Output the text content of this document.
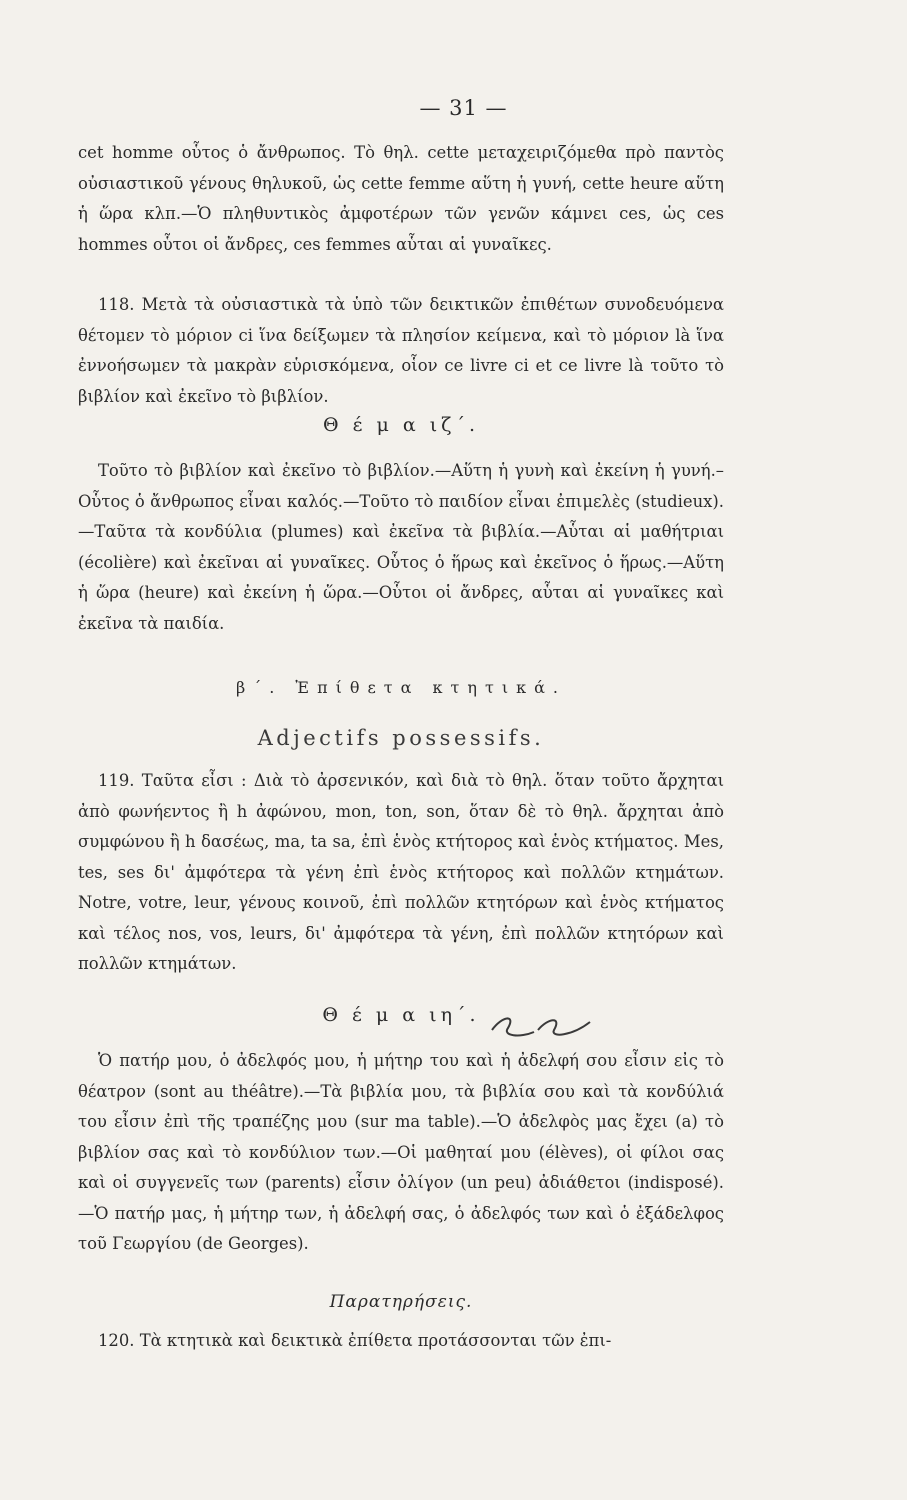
— 31 —

cet homme οὗτος ὁ ἄνθρωπος. Τὸ θηλ. cette μεταχειριζόμεθα πρὸ παντὸς οὐσιαστικοῦ γένους θηλυκοῦ, ὡς cette femme αὕτη ἡ γυνή, cette heure αὕτη ἡ ὥρα κλπ.—Ὁ πληθυντικὸς ἀμφοτέρων τῶν γενῶν κάμνει ces, ὡς ces hommes οὗτοι οἱ ἄνδρες, ces femmes αὗται αἱ γυναῖκες.

118. Μετὰ τὰ οὐσιαστικὰ τὰ ὑπὸ τῶν δεικτικῶν ἐπιθέτων συνοδευόμενα θέτομεν τὸ μόριον ci ἵνα δείξωμεν τὰ πλησίον κείμενα, καὶ τὸ μόριον là ἵνα ἐννοήσωμεν τὰ μακρὰν εὑρισκόμενα, οἷον ce livre ci et ce livre là τοῦτο τὸ βιβλίον καὶ ἐκεῖνο τὸ βιβλίον.

Θ έ μ α ιζ΄.

Τοῦτο τὸ βιβλίον καὶ ἐκεῖνο τὸ βιβλίον.—Αὕτη ἡ γυνὴ καὶ ἐκείνη ἡ γυνή.– Οὗτος ὁ ἄνθρωπος εἶναι καλός.—Τοῦτο τὸ παιδίον εἶναι ἐπιμελὲς (studieux).—Ταῦτα τὰ κονδύλια (plumes) καὶ ἐκεῖνα τὰ βιβλία.—Αὗται αἱ μαθήτριαι (écolière) καὶ ἐκεῖναι αἱ γυναῖκες. Οὗτος ὁ ἥρως καὶ ἐκεῖνος ὁ ἥρως.—Αὕτη ἡ ὥρα (heure) καὶ ἐκείνη ἡ ὥρα.—Οὗτοι οἱ ἄνδρες, αὗται αἱ γυναῖκες καὶ ἐκεῖνα τὰ παιδία.

β΄. Ἐπίθετα κτητικά.

Adjectifs possessifs.

119. Ταῦτα εἶσι : Διὰ τὸ ἀρσενικόν, καὶ διὰ τὸ θηλ. ὅταν τοῦτο ἄρχηται ἀπὸ φωνήεντος ἢ h ἀφώνου, mon, ton, son, ὅταν δὲ τὸ θηλ. ἄρχηται ἀπὸ συμφώνου ἢ h δασέως, ma, ta sa, ἐπὶ ἑνὸς κτήτορος καὶ ἑνὸς κτήματος. Mes, tes, ses δι' ἀμφότερα τὰ γένη ἐπὶ ἑνὸς κτήτορος καὶ πολλῶν κτημάτων. Notre, votre, leur, γένους κοινοῦ, ἐπὶ πολλῶν κτητόρων καὶ ἑνὸς κτήματος καὶ τέλος nos, vos, leurs, δι' ἀμφότερα τὰ γένη, ἐπὶ πολλῶν κτητόρων καὶ πολλῶν κτημάτων.

Θ έ μ α ιη΄.

Ὁ πατήρ μου, ὁ ἀδελφός μου, ἡ μήτηρ του καὶ ἡ ἀδελφή σου εἶσιν εἰς τὸ θέατρον (sont au théâtre).—Τὰ βιβλία μου, τὰ βιβλία σου καὶ τὰ κονδύλιά του εἶσιν ἐπὶ τῆς τραπέζης μου (sur ma table).—Ὁ ἀδελφὸς μας ἔχει (a) τὸ βιβλίον σας καὶ τὸ κονδύλιον των.—Οἱ μαθηταί μου (élèves), οἱ φίλοι σας καὶ οἱ συγγενεῖς των (parents) εἶσιν ὀλίγον (un peu) ἀδιάθετοι (indisposé).—Ὁ πατήρ μας, ἡ μήτηρ των, ἡ ἀδελφή σας, ὁ ἀδελφός των καὶ ὁ ἐξάδελφος τοῦ Γεωργίου (de Georges).

Παρατηρήσεις.

120. Τὰ κτητικὰ καὶ δεικτικὰ ἐπίθετα προτάσσονται τῶν ἐπι-
